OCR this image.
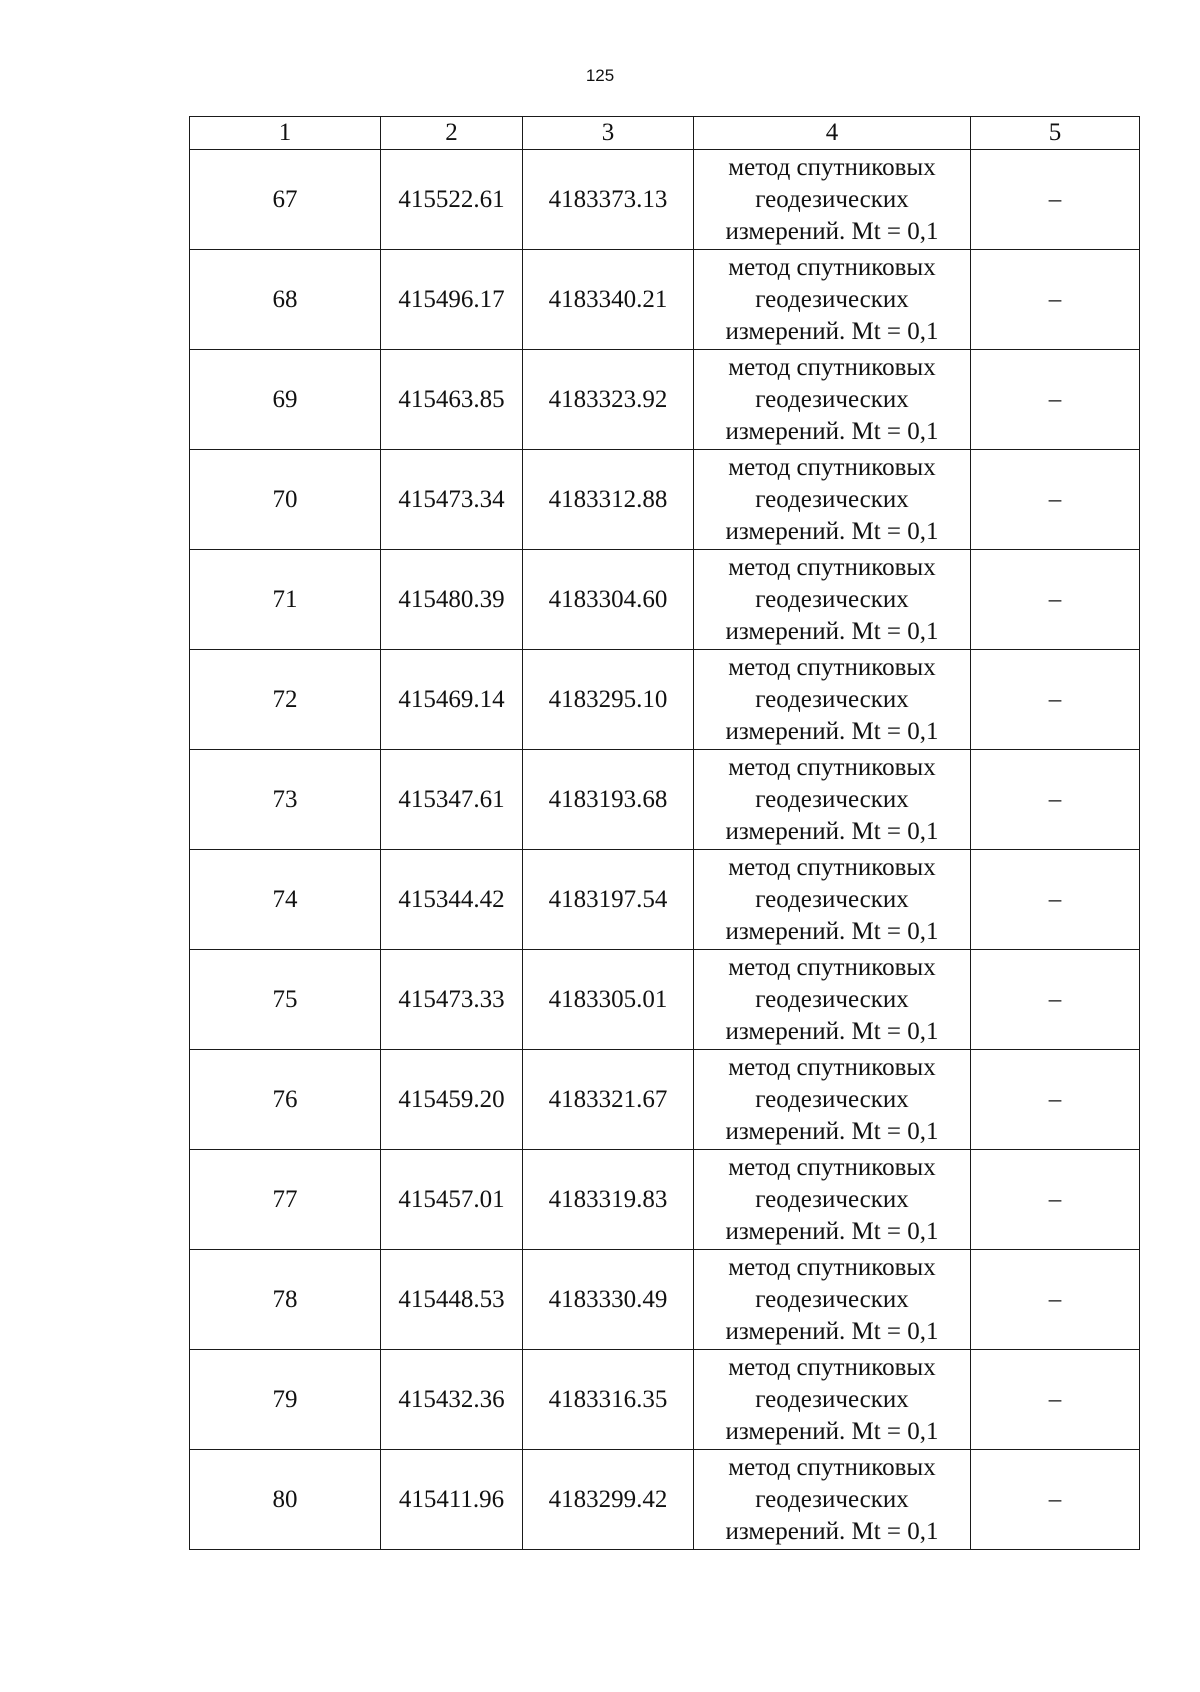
125
1	2	3	4	5
67	415522.61	4183373.13	метод спутниковых
геодезических
измерений. Mt = 0,1	–
68	415496.17	4183340.21	метод спутниковых
геодезических
измерений. Mt = 0,1	–
69	415463.85	4183323.92	метод спутниковых
геодезических
измерений. Mt = 0,1	–
70	415473.34	4183312.88	метод спутниковых
геодезических
измерений. Mt = 0,1	–
71	415480.39	4183304.60	метод спутниковых
геодезических
измерений. Mt = 0,1	–
72	415469.14	4183295.10	метод спутниковых
геодезических
измерений. Mt = 0,1	–
73	415347.61	4183193.68	метод спутниковых
геодезических
измерений. Mt = 0,1	–
74	415344.42	4183197.54	метод спутниковых
геодезических
измерений. Mt = 0,1	–
75	415473.33	4183305.01	метод спутниковых
геодезических
измерений. Mt = 0,1	–
76	415459.20	4183321.67	метод спутниковых
геодезических
измерений. Mt = 0,1	–
77	415457.01	4183319.83	метод спутниковых
геодезических
измерений. Mt = 0,1	–
78	415448.53	4183330.49	метод спутниковых
геодезических
измерений. Mt = 0,1	–
79	415432.36	4183316.35	метод спутниковых
геодезических
измерений. Mt = 0,1	–
80	415411.96	4183299.42	метод спутниковых
геодезических
измерений. Mt = 0,1	–
